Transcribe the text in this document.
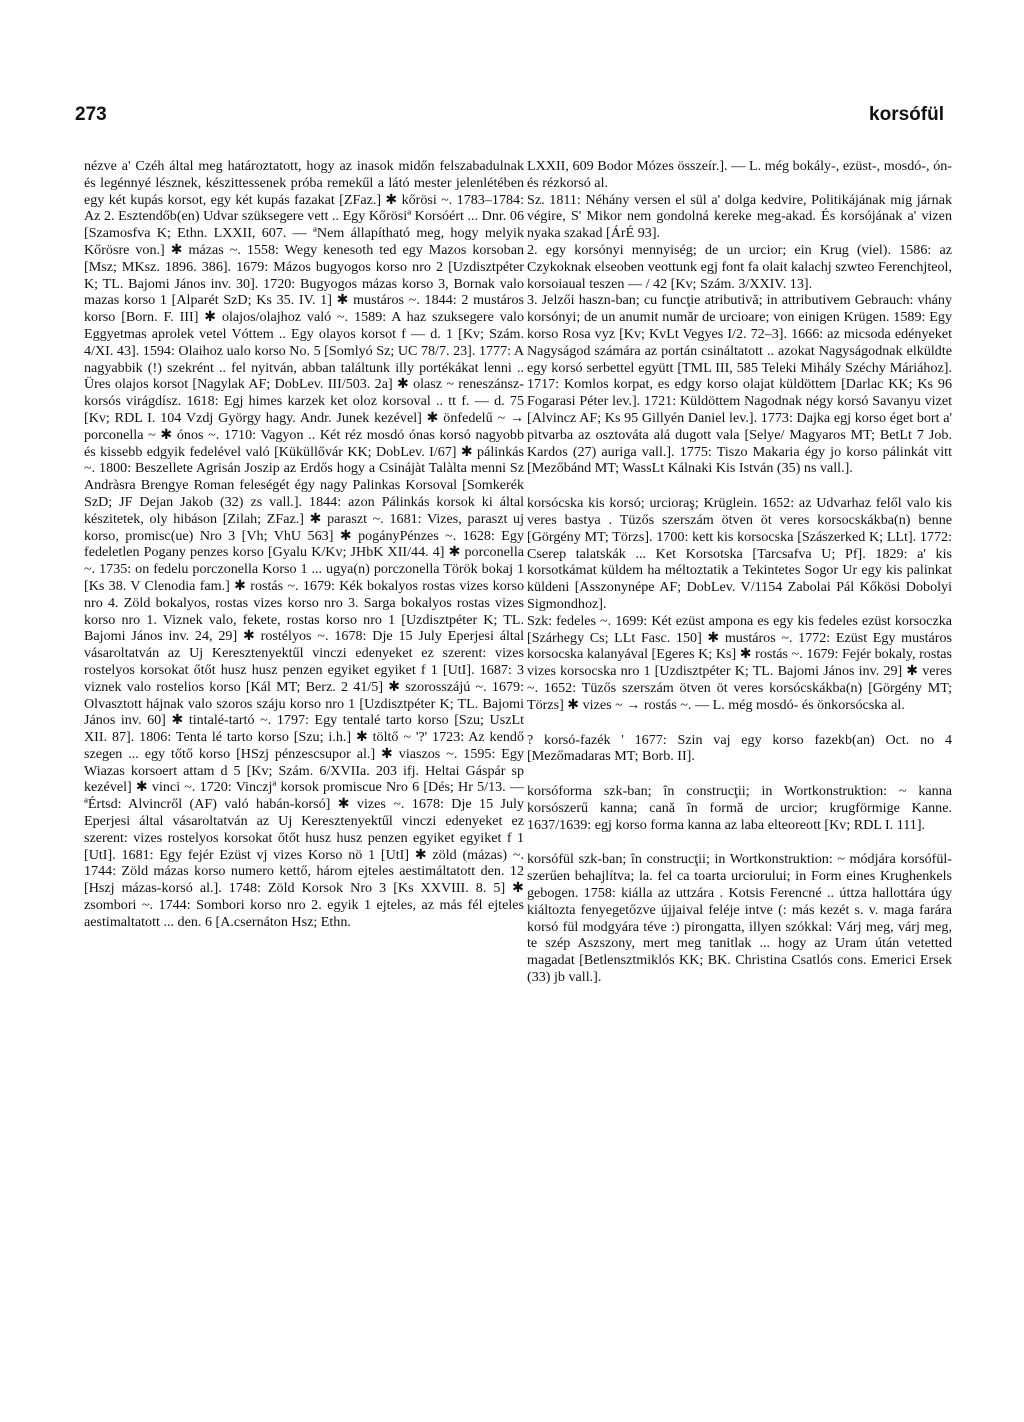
273	korsófül

nézve a' Czéh által meg határoztatott, hogy az inasok midőn felszabadulnak és legénnyé lésznek, készittessenek próba remekűl a látó mester jelenlétében egy két kupás korsot, egy két kupás fazakat [ZFaz.] ✱ kőrösi ~. 1783–1784: Az 2. Esztendőb(en) Udvar szüksegere vett .. Egy Kőrösiª Korsóért ... Dnr. 06 [Szamosfva K; Ethn. LXXII, 607. — ªNem állapítható meg, hogy melyik Kőrösre von.] ✱ mázas ~. 1558: Wegy kenesoth ted egy Mazos korsoban [Msz; MKsz. 1896. 386]. 1679: Mázos bugyogos korso nro 2 [Uzdisztpéter K; TL. Bajomi János inv. 30]. 1720: Bugyogos mázas korso 3, Bornak valo mazas korso 1 [Alparét SzD; Ks 35. IV. 1] ✱ mustáros ~. 1844: 2 mustáros korso [Born. F. III] ✱ olajos/olajhoz való ~. 1589: A haz szuksegere valo Eggyetmas aprolek vetel Vóttem .. Egy olayos korsot f — d. 1 [Kv; Szám. 4/XI. 43]. 1594: Olaihoz ualo korso No. 5 [Somlyó Sz; UC 78/7. 23]. 1777: A nagyabbik (!) szekrént .. fel nyitván, abban találtunk illy portékákat lenni .. Üres olajos korsot [Nagylak AF; DobLev. III/503. 2a] ✱ olasz ~ reneszánsz-korsós virágdísz. 1618: Egj himes karzek ket oloz korsoval .. tt f. — d. 75 [Kv; RDL I. 104 Vzdj György hagy. Andr. Junek kezével] ✱ önfedelű ~ → porconella ~ ✱ ónos ~. 1710: Vagyon .. Két réz mosdó ónas korsó nagyobb és kissebb edgyik fedelével való [Küküllővár KK; DobLev. I/67] ✱ pálinkás ~. 1800: Beszellete Agrisán Joszip az Erdős hogy a Csinájàt Talàlta menni Sz Andràsra Brengye Roman feleségét égy nagy Palinkas Korsoval [Somkerék SzD; JF Dejan Jakob (32) zs vall.]. 1844: azon Pálinkás korsok ki által készitetek, oly hibáson [Zilah; ZFaz.] ✱ paraszt ~. 1681: Vizes, paraszt uj korso, promisc(ue) Nro 3 [Vh; VhU 563] ✱ pogányPénzes ~. 1628: Egy fedeletlen Pogany penzes korso [Gyalu K/Kv; JHbK XII/44. 4] ✱ porconella ~. 1735: on fedelu porczonella Korso 1 ... ugya(n) porczonella Török bokaj 1 [Ks 38. V Clenodia fam.] ✱ rostás ~. 1679: Kék bokalyos rostas vizes korso nro 4. Zöld bokalyos, rostas vizes korso nro 3. Sarga bokalyos rostas vizes korso nro 1. Viznek valo, fekete, rostas korso nro 1 [Uzdisztpéter K; TL. Bajomi János inv. 24, 29] ✱ rostélyos ~. 1678: Dje 15 July Eperjesi által vásaroltatván az Uj Keresztenyektűl vinczi edenyeket ez szerent: vizes rostelyos korsokat őtőt husz husz penzen egyiket egyiket f 1 [UtI]. 1687: 3 viznek valo rostelios korso [Kál MT; Berz. 2 41/5] ✱ szorosszájú ~. 1679: Olvasztott hájnak valo szoros száju korso nro 1 [Uzdisztpéter K; TL. Bajomi János inv. 60] ✱ tintalé-tartó ~. 1797: Egy tentalé tarto korso [Szu; UszLt XII. 87]. 1806: Tenta lé tarto korso [Szu; i.h.] ✱ töltő ~ '?' 1723: Az kendő szegen ... egy tőtő korso [HSzj pénzescsupor al.] ✱ viaszos ~. 1595: Egy Wiazas korsoert attam d 5 [Kv; Szám. 6/XVIIa. 203 ifj. Heltai Gáspár sp kezével] ✱ vinci ~. 1720: Vinczjª korsok promiscue Nro 6 [Dés; Hr 5/13. — ªÉrtsd: Alvincről (AF) való habán-korsó] ✱ vizes ~. 1678: Dje 15 July Eperjesi által vásaroltatván az Uj Keresztenyektűl vinczi edenyeket ez szerent: vizes rostelyos korsokat őtőt husz husz penzen egyiket egyiket f 1 [UtI]. 1681: Egy fejér Ezüst vj vizes Korso nö 1 [UtI] ✱ zöld (mázas) ~. 1744: Zöld mázas korso numero kettő, három ejteles aestimáltatott den. 12 [Hszj mázas-korsó al.]. 1748: Zöld Korsok Nro 3 [Ks XXVIII. 8. 5] ✱ zsombori ~. 1744: Sombori korso nro 2. egyik 1 ejteles, az más fél ejteles aestimaltatott ... den. 6 [A.csernáton Hsz; Ethn.

LXXII, 609 Bodor Mózes összeír.]. — L. még bokály-, ezüst-, mosdó-, ón- és rézkorsó al.

Sz. 1811: Néhány versen el sül a' dolga kedvire, Politikájának mig járnak végire, S' Mikor nem gondolná kereke meg-akad. És korsójának a' vizen nyaka szakad [ÁrÉ 93].

2. egy korsónyi mennyiség; de un urcior; ein Krug (viel). 1586: az Czykoknak elseoben veottunk egj font fa olait kalachj szwteo Ferenchjteol, korsoiaual teszen — / 42 [Kv; Szám. 3/XXIV. 13].

3. Jelzői haszn-ban; cu funcţie atributivă; in attributivem Gebrauch: vhány korsónyi; de un anumit număr de urcioare; von einigen Krügen. 1589: Egy korso Rosa vyz [Kv; KvLt Vegyes I/2. 72–3]. 1666: az micsoda edényeket Nagyságod számára az portán csináltatott .. azokat Nagyságodnak elküldte egy korsó serbettel együtt [TML III, 585 Teleki Mihály Széchy Máriához]. 1717: Komlos korpat, es edgy korso olajat küldöttem [Darlac KK; Ks 96 Fogarasi Péter lev.]. 1721: Küldöttem Nagodnak négy korsó Savanyu vizet [Alvincz AF; Ks 95 Gillyén Daniel lev.]. 1773: Dajka egj korso éget bort a' pitvarba az osztováta alá dugott vala [Selye/ Magyaros MT; BetLt 7 Job. Kardos (27) auriga vall.]. 1775: Tiszo Makaria égy jo korso pálinkát vitt [Mezőbánd MT; WassLt Kálnaki Kis István (35) ns vall.].

korsócska kis korsó; urcioraş; Krüglein. 1652: az Udvarhaz felől valo kis veres bastya . Tüzős szerszám ötven öt veres korsocskákba(n) benne [Görgény MT; Törzs]. 1700: kett kis korsocska [Szászerked K; LLt]. 1772: Cserep talatskák ... Ket Korsotska [Tarcsafva U; Pf]. 1829: a' kis korsotkámat küldem ha méltoztatik a Tekintetes Sogor Ur egy kis palinkat küldeni [Asszonynépe AF; DobLev. V/1154 Zabolai Pál Kőkösi Dobolyi Sigmondhoz].

Szk: fedeles ~. 1699: Két ezüst ampona es egy kis fedeles ezüst korsoczka [Szárhegy Cs; LLt Fasc. 150] ✱ mustáros ~. 1772: Ezüst Egy mustáros korsocska kalanyával [Egeres K; Ks] ✱ rostás ~. 1679: Fejér bokaly, rostas vizes korsocska nro 1 [Uzdisztpéter K; TL. Bajomi János inv. 29] ✱ veres ~. 1652: Tüzős szerszám ötven öt veres korsócskákba(n) [Görgény MT; Törzs] ✱ vizes ~ → rostás ~. — L. még mosdó- és önkorsócska al.

? korsó-fazék ' 1677: Szin vaj egy korso fazekb(an) Oct. no 4 [Mezőmadaras MT; Borb. II].

korsóforma szk-ban; în construcţii; in Wortkonstruktion: ~ kanna korsószerű kanna; cană în formă de urcior; krugförmige Kanne. 1637/1639: egj korso forma kanna az laba elteoreott [Kv; RDL I. 111].

korsófül szk-ban; în construcţii; in Wortkonstruktion: ~ módjára korsófül-szerűen behajlítva; la. fel ca toarta urciorului; in Form eines Krughenkels gebogen. 1758: kiálla az uttzára . Kotsis Ferencné .. úttza hallottára úgy kiáltozta fenyegetőzve újjaival feléje intve (: más kezét s. v. maga farára korsó fül modgyára téve :) pirongatta, illyen szókkal: Várj meg, várj meg, te szép Aszszony, mert meg tanitlak ... hogy az Uram útán vetetted magadat [Betlensztmiklós KK; BK. Christina Csatlós cons. Emerici Ersek (33) jb vall.].
